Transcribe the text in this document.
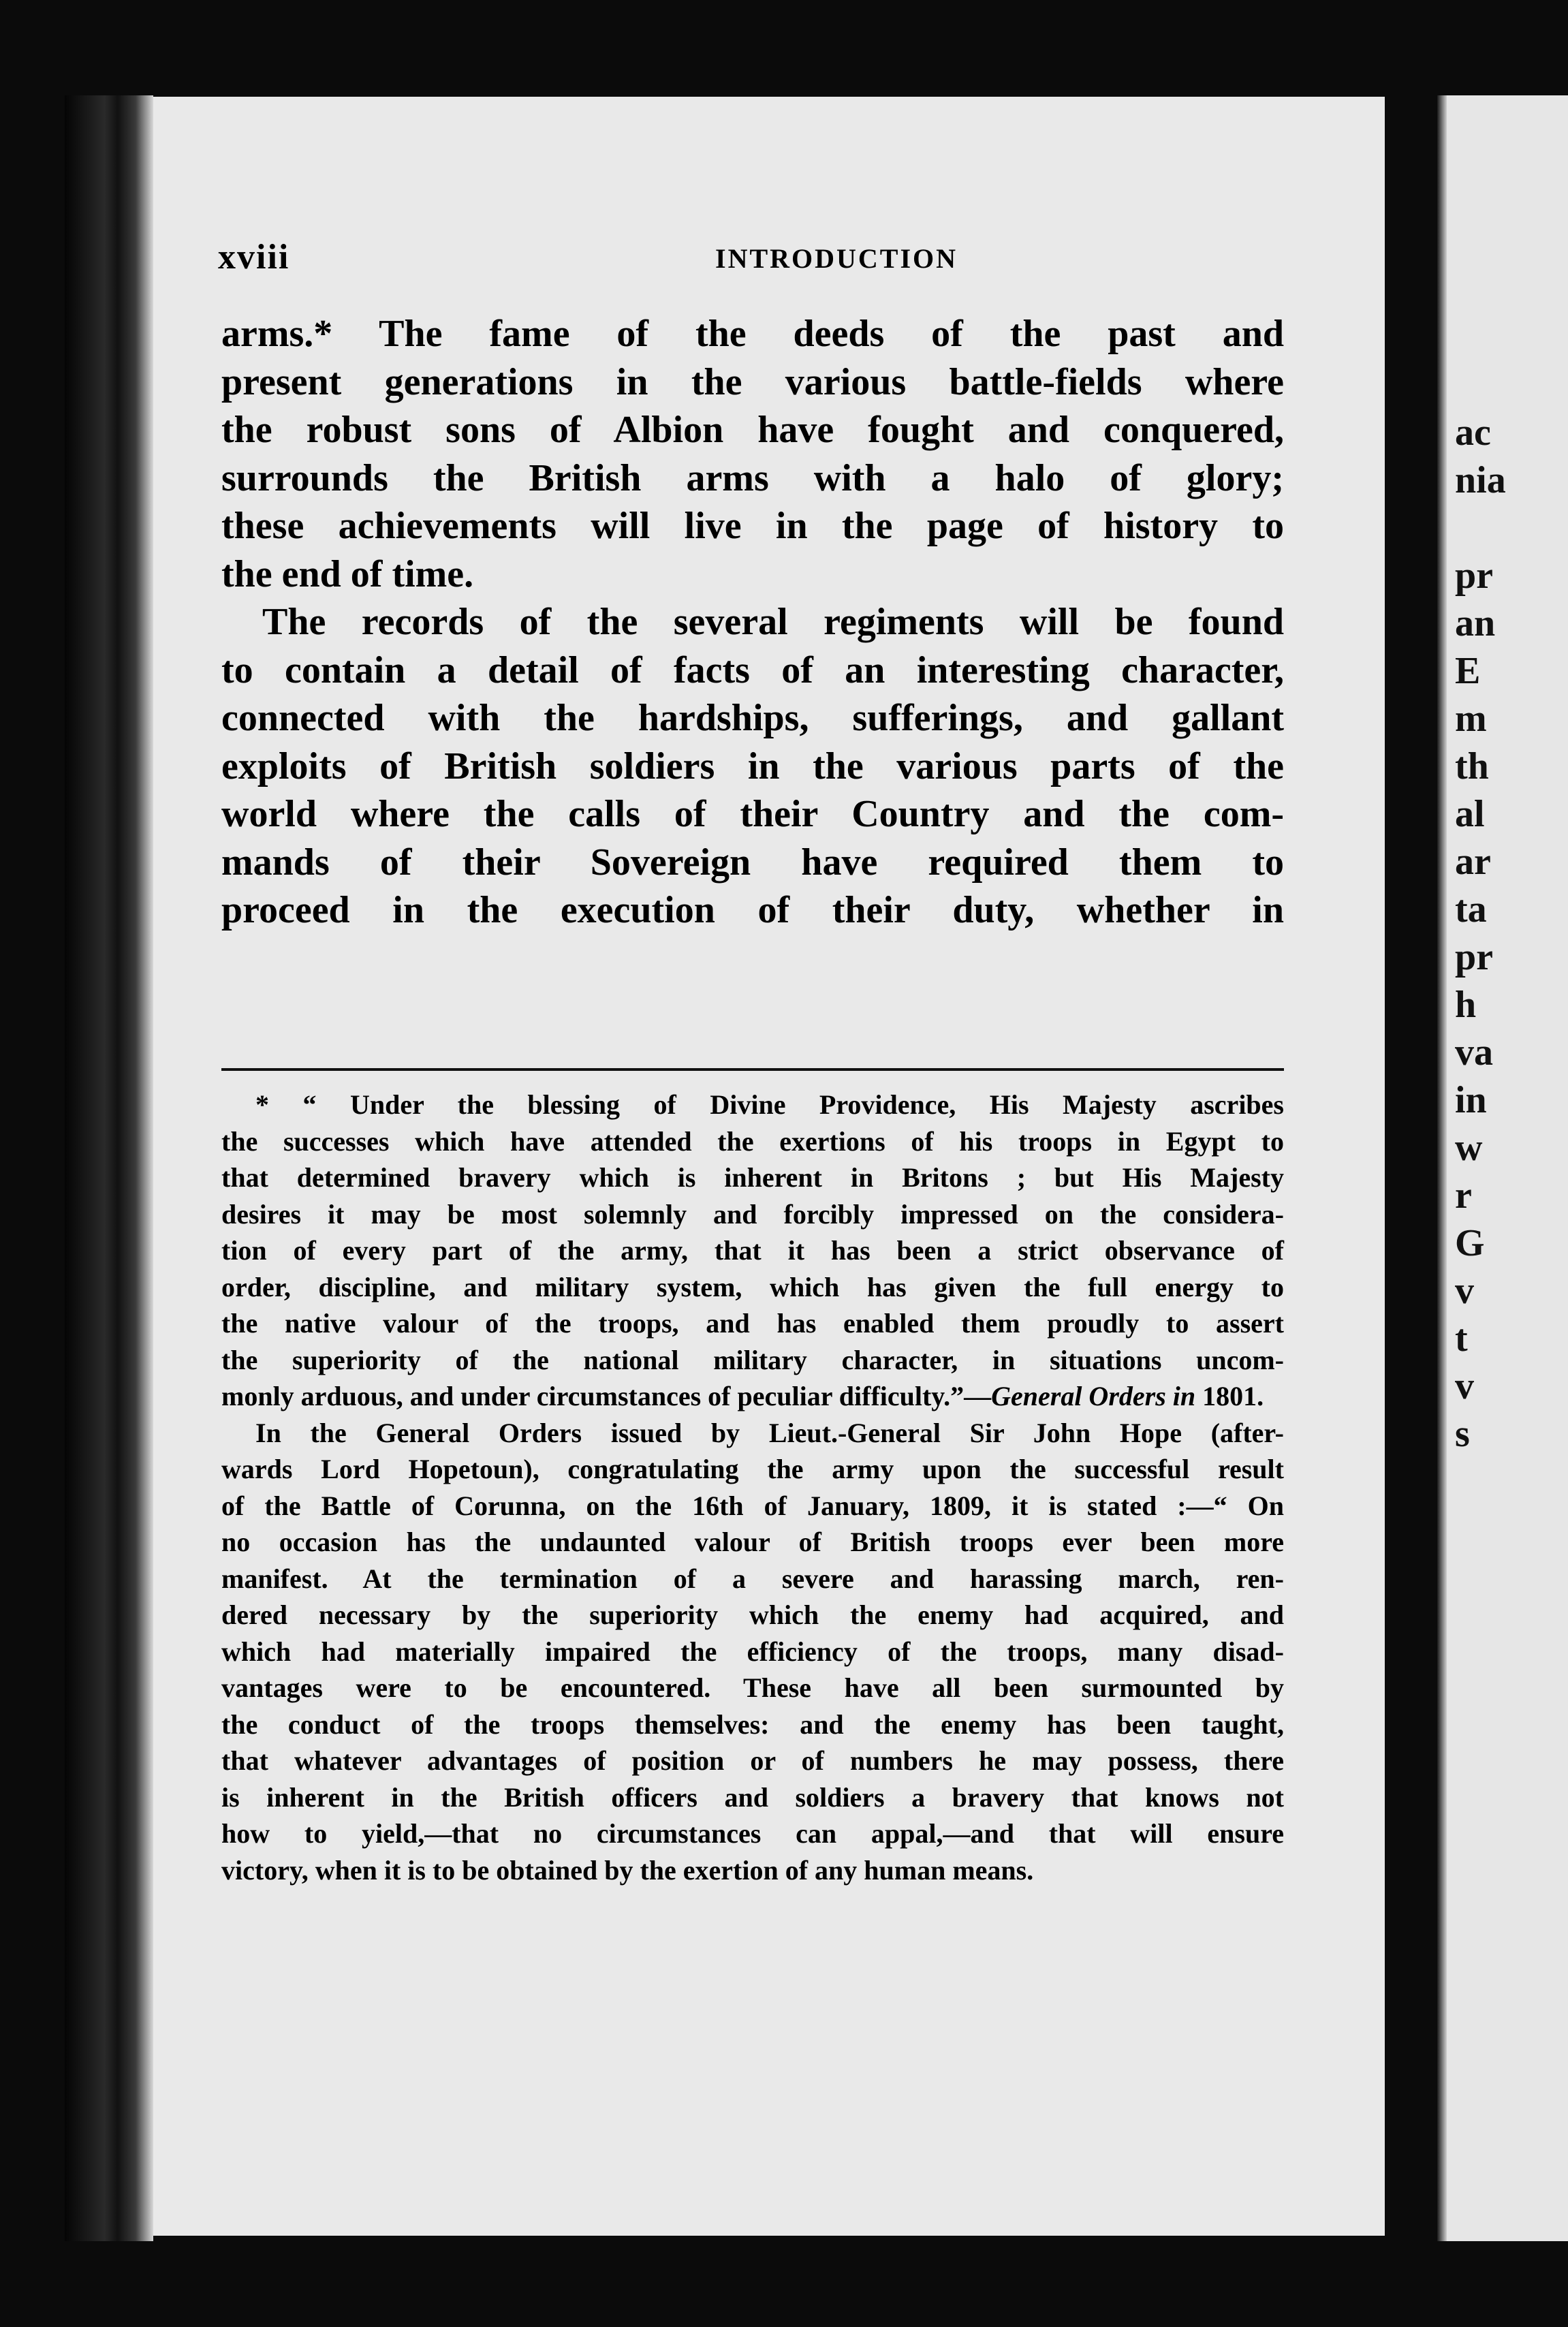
ac
nia

pr
an
E
m
th
al
ar
ta
pr
h
va
in
w
r
G
v
t
v
s
xviii	INTRODUCTION
arms.* The fame of the deeds of the past and
present generations in the various battle-fields where
the robust sons of Albion have fought and conquered,
surrounds the British arms with a halo of glory;
these achievements will live in the page of history to
the end of time.
The records of the several regiments will be found
to contain a detail of facts of an interesting character,
connected with the hardships, sufferings, and gallant
exploits of British soldiers in the various parts of the
world where the calls of their Country and the com-
mands of their Sovereign have required them to
proceed in the execution of their duty, whether in
* “ Under the blessing of Divine Providence, His Majesty ascribes
the successes which have attended the exertions of his troops in Egypt to
that determined bravery which is inherent in Britons ; but His Majesty
desires it may be most solemnly and forcibly impressed on the considera-
tion of every part of the army, that it has been a strict observance of
order, discipline, and military system, which has given the full energy to
the native valour of the troops, and has enabled them proudly to assert
the superiority of the national military character, in situations uncom-
monly arduous, and under circumstances of peculiar difficulty.”—General Orders in 1801.
In the General Orders issued by Lieut.-General Sir John Hope (after-
wards Lord Hopetoun), congratulating the army upon the successful result
of the Battle of Corunna, on the 16th of January, 1809, it is stated :—“ On
no occasion has the undaunted valour of British troops ever been more
manifest. At the termination of a severe and harassing march, ren-
dered necessary by the superiority which the enemy had acquired, and
which had materially impaired the efficiency of the troops, many disad-
vantages were to be encountered. These have all been surmounted by
the conduct of the troops themselves: and the enemy has been taught,
that whatever advantages of position or of numbers he may possess, there
is inherent in the British officers and soldiers a bravery that knows not
how to yield,—that no circumstances can appal,—and that will ensure
victory, when it is to be obtained by the exertion of any human means.
